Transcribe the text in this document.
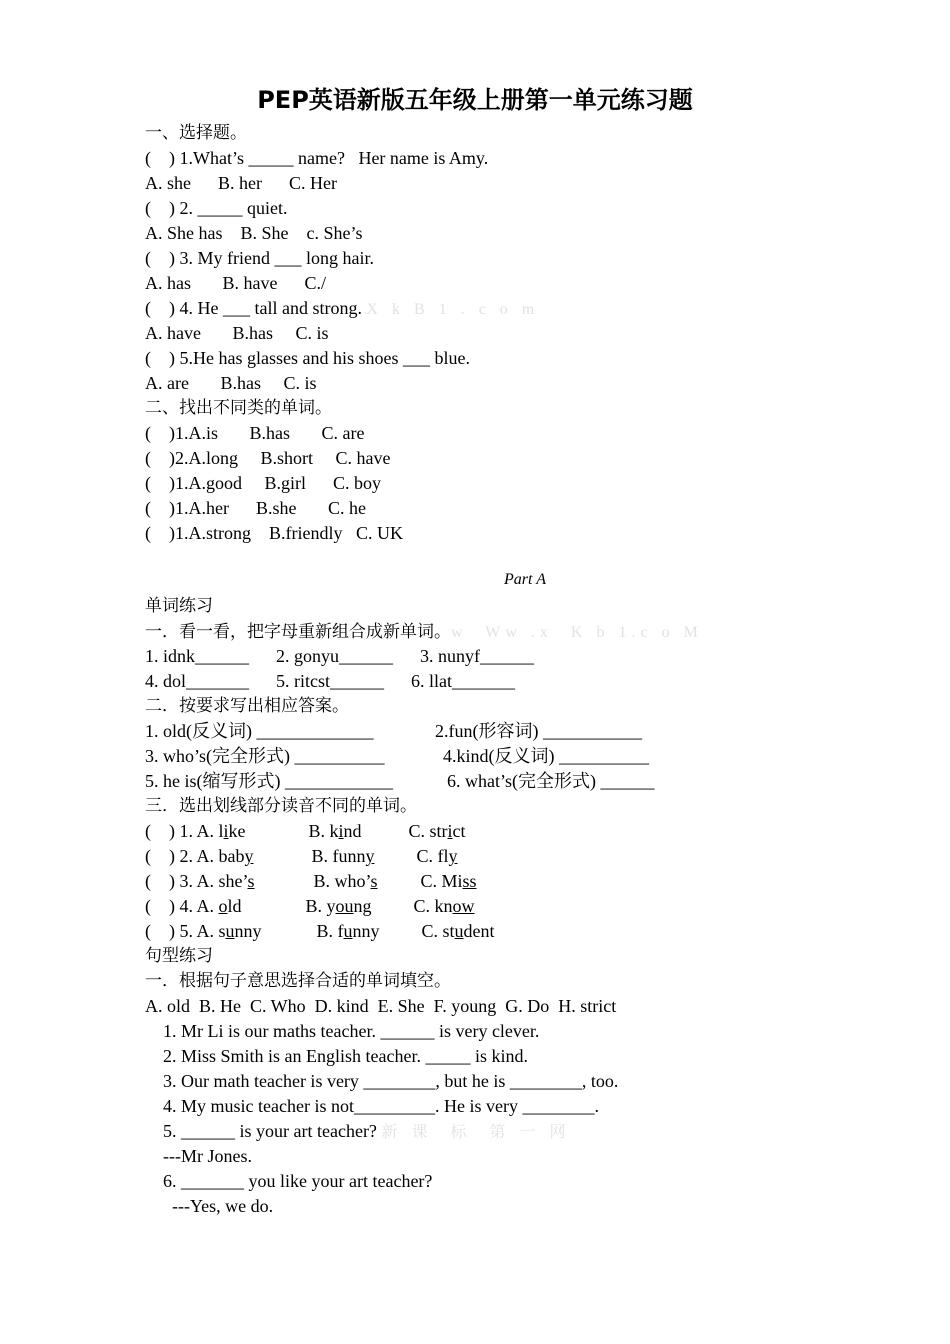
PEP英语新版五年级上册第一单元练习题
一、选择题。
(    ) 1.What’s _____ name?   Her name is Amy.
A. she      B. her      C. Her
(    ) 2. _____ quiet.
A. She has    B. She    c. She’s
(    ) 3. My friend ___ long hair.
A. has       B. have      C./
(    ) 4. He ___ tall and strong. X k B 1 . c o m
A. have       B.has     C. is
(    ) 5.He has glasses and his shoes ___ blue.
A. are       B.has     C. is
二、找出不同类的单词。
(    )1.A.is       B.has       C. are
(    )2.A.long     B.short     C. have
(    )1.A.good     B.girl      C. boy
(    )1.A.her      B.she       C. he
(    )1.A.strong    B.friendly   C. UK
Part A
单词练习
一．看一看，把字母重新组合成新单词。w  Ww .x  K b 1.c o M
1. idnk______      2. gonyu______      3. nunyf______
4. dol_______      5. ritcst______      6. llat_______
二．按要求写出相应答案。
1. old(反义词) _____________	2.fun(形容词) ___________
3. who’s(完全形式) __________	4.kind(反义词) __________
5. he is(缩写形式) ____________	6. what’s(完全形式) ______
三．选出划线部分读音不同的单词。
(    ) 1. A. like	B. kind	C. strict
(    ) 2. A. baby	B. funny C. fly
(    ) 3. A. she’s	B. who’s C. Miss
(    ) 4. A. old	B. young C. know
(    ) 5. A. sunny	B. funny C. student
句型练习
一．根据句子意思选择合适的单词填空。
A. old  B. He  C. Who  D. kind  E. She  F. young  G. Do  H. strict
1. Mr Li is our maths teacher. ______ is very clever.
2. Miss Smith is an English teacher. _____ is kind.
3. Our math teacher is very ________, but he is ________, too.
4. My music teacher is not_________. He is very ________.
5. ______ is your art teacher? 新 课  标  第 一 网
---Mr Jones.
6. _______ you like your art teacher?
---Yes, we do.
